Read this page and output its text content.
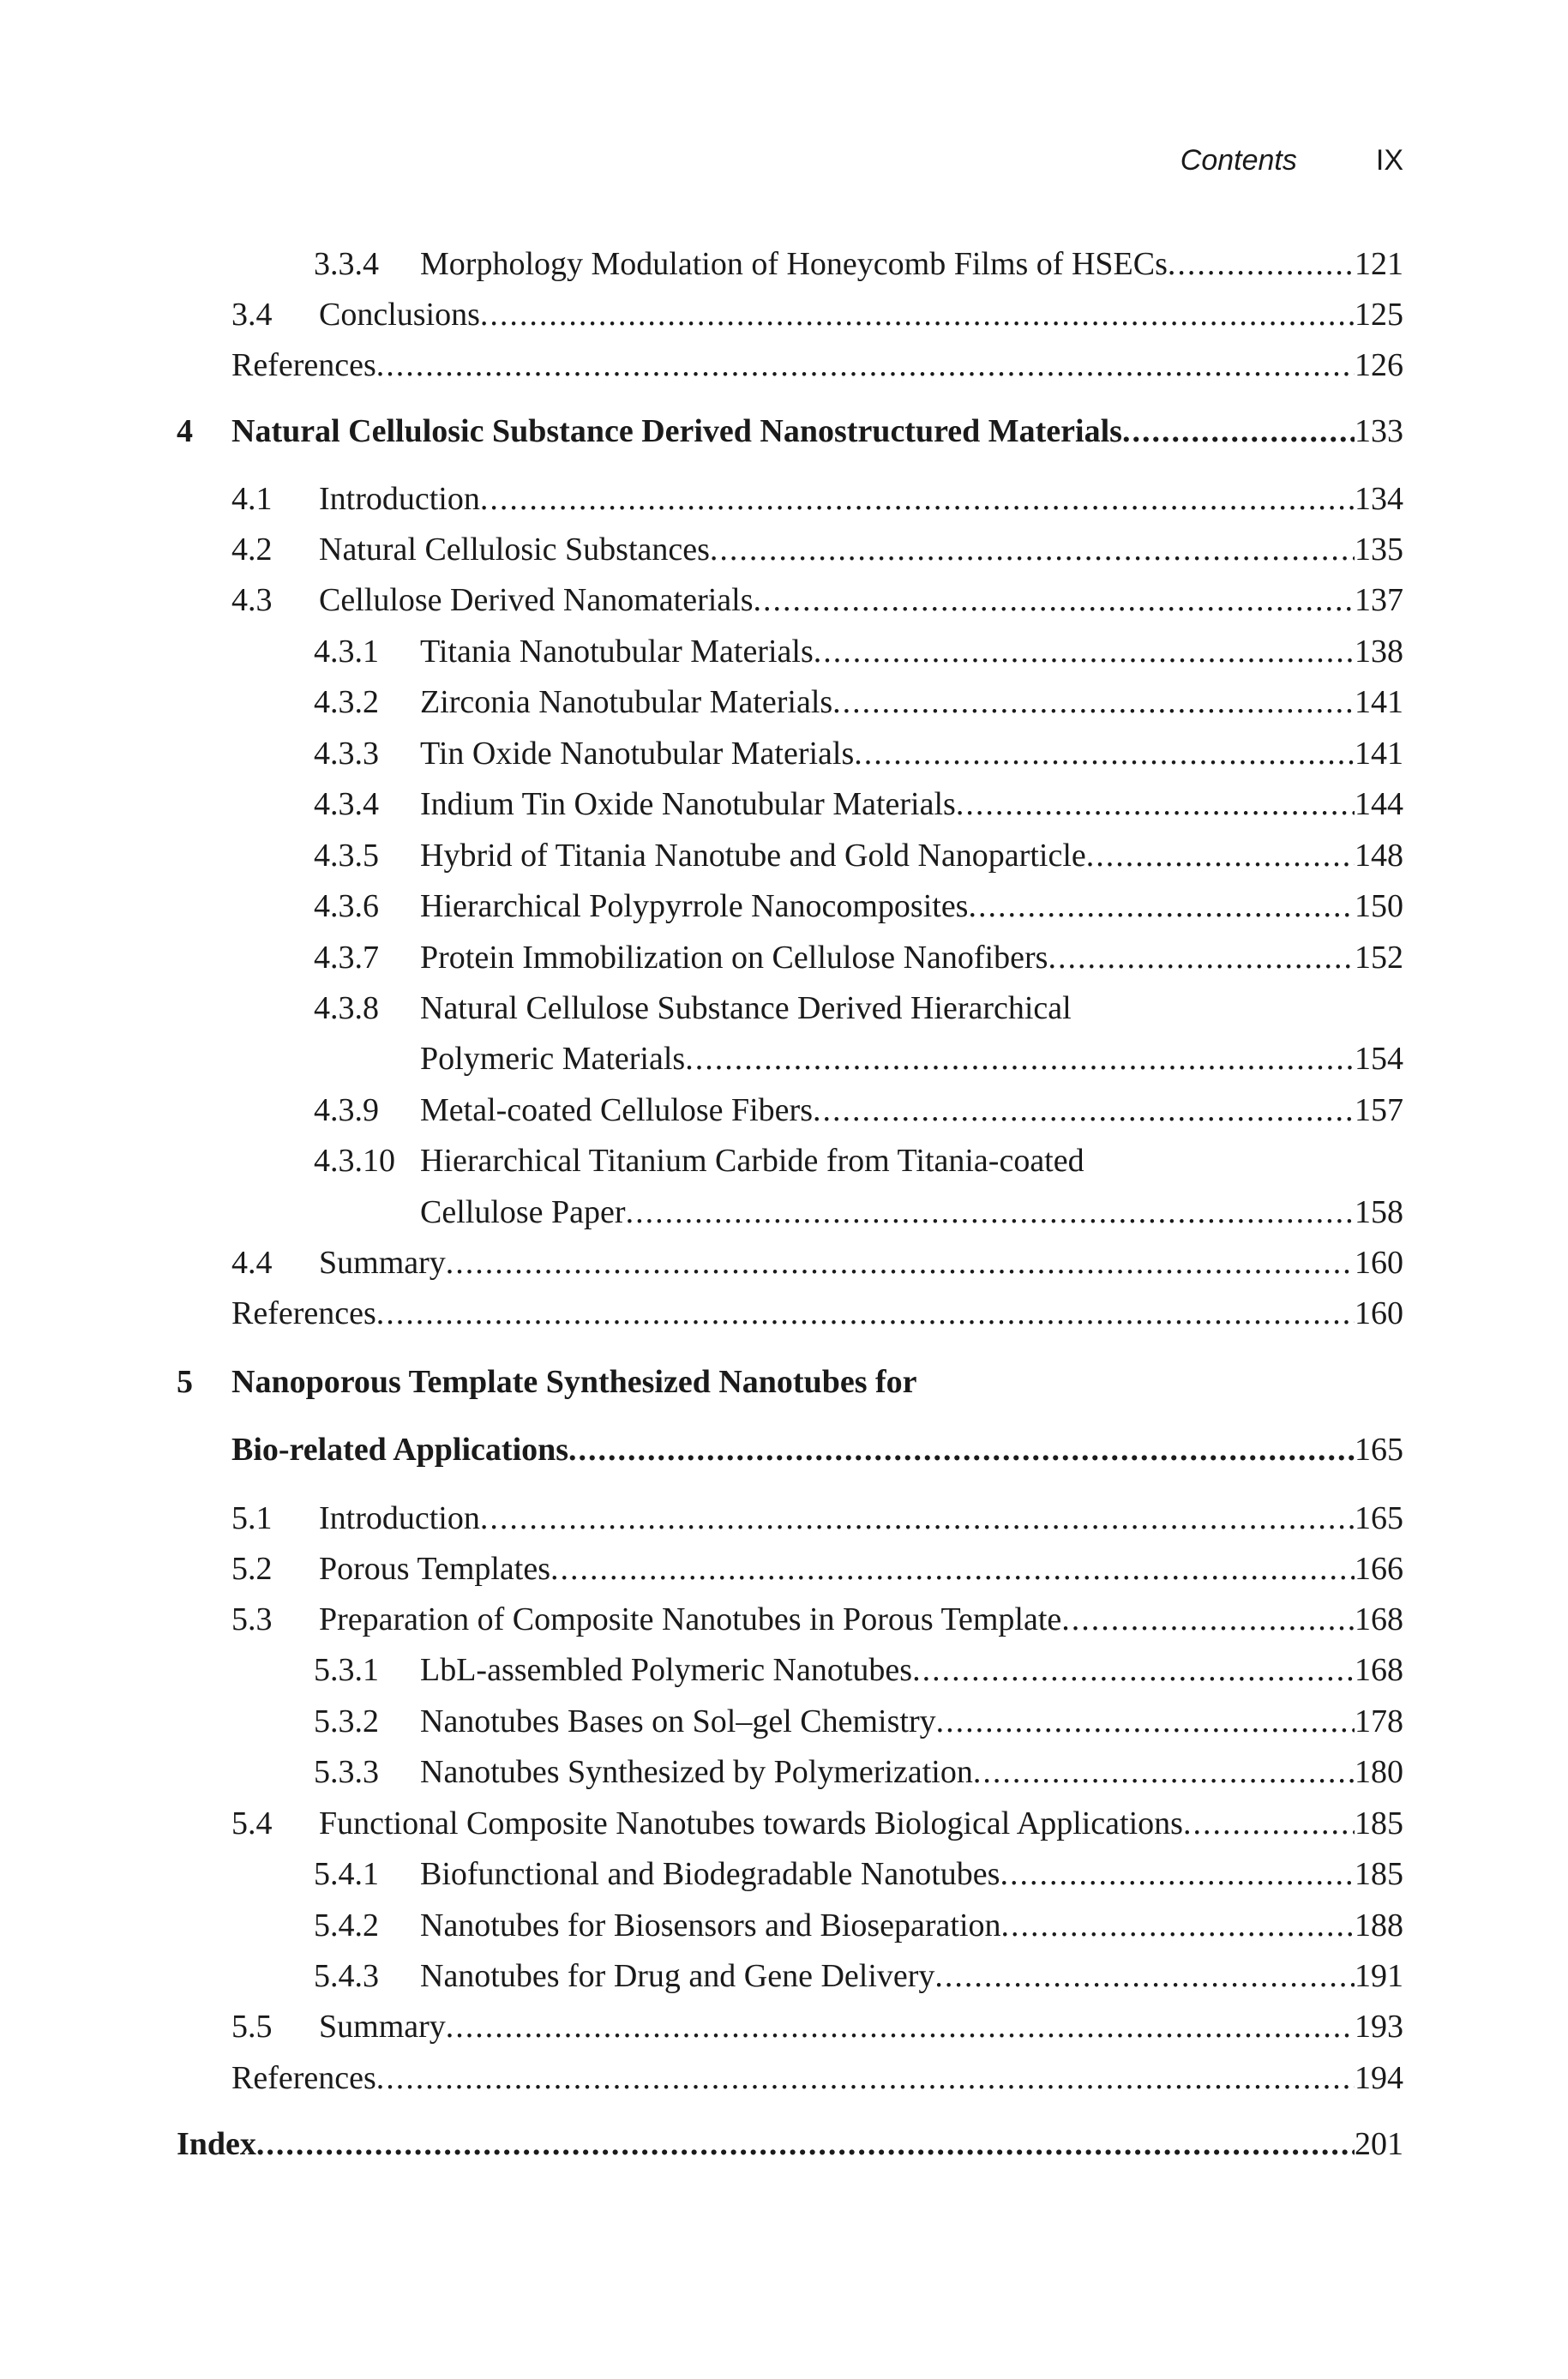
Contents	IX
3.3.4	Morphology Modulation of Honeycomb Films of HSECs .....	121
3.4	Conclusions .....	125
References .....	126
4	Natural Cellulosic Substance Derived Nanostructured Materials .....	133
4.1	Introduction .....	134
4.2	Natural Cellulosic Substances .....	135
4.3	Cellulose Derived Nanomaterials .....	137
4.3.1	Titania Nanotubular Materials .....	138
4.3.2	Zirconia Nanotubular Materials .....	141
4.3.3	Tin Oxide Nanotubular Materials .....	141
4.3.4	Indium Tin Oxide Nanotubular Materials .....	144
4.3.5	Hybrid of Titania Nanotube and Gold Nanoparticle .....	148
4.3.6	Hierarchical Polypyrrole Nanocomposites .....	150
4.3.7	Protein Immobilization on Cellulose Nanofibers .....	152
4.3.8 Natural Cellulose Substance Derived Hierarchical
Polymeric Materials .....	154
4.3.9	Metal-coated Cellulose Fibers .....	157
4.3.10 Hierarchical Titanium Carbide from Titania-coated
Cellulose Paper .....	158
4.4	Summary .....	160
References .....	160
5 Nanoporous Template Synthesized Nanotubes for
Bio-related Applications .....	165
5.1	Introduction .....	165
5.2	Porous Templates .....	166
5.3	Preparation of Composite Nanotubes in Porous Template .....	168
5.3.1	LbL-assembled Polymeric Nanotubes .....	168
5.3.2	Nanotubes Bases on Sol–gel Chemistry .....	178
5.3.3	Nanotubes Synthesized by Polymerization .....	180
5.4	Functional Composite Nanotubes towards Biological Applications .....	185
5.4.1	Biofunctional and Biodegradable Nanotubes .....	185
5.4.2	Nanotubes for Biosensors and Bioseparation .....	188
5.4.3	Nanotubes for Drug and Gene Delivery .....	191
5.5	Summary .....	193
References .....	194
Index .....	201
